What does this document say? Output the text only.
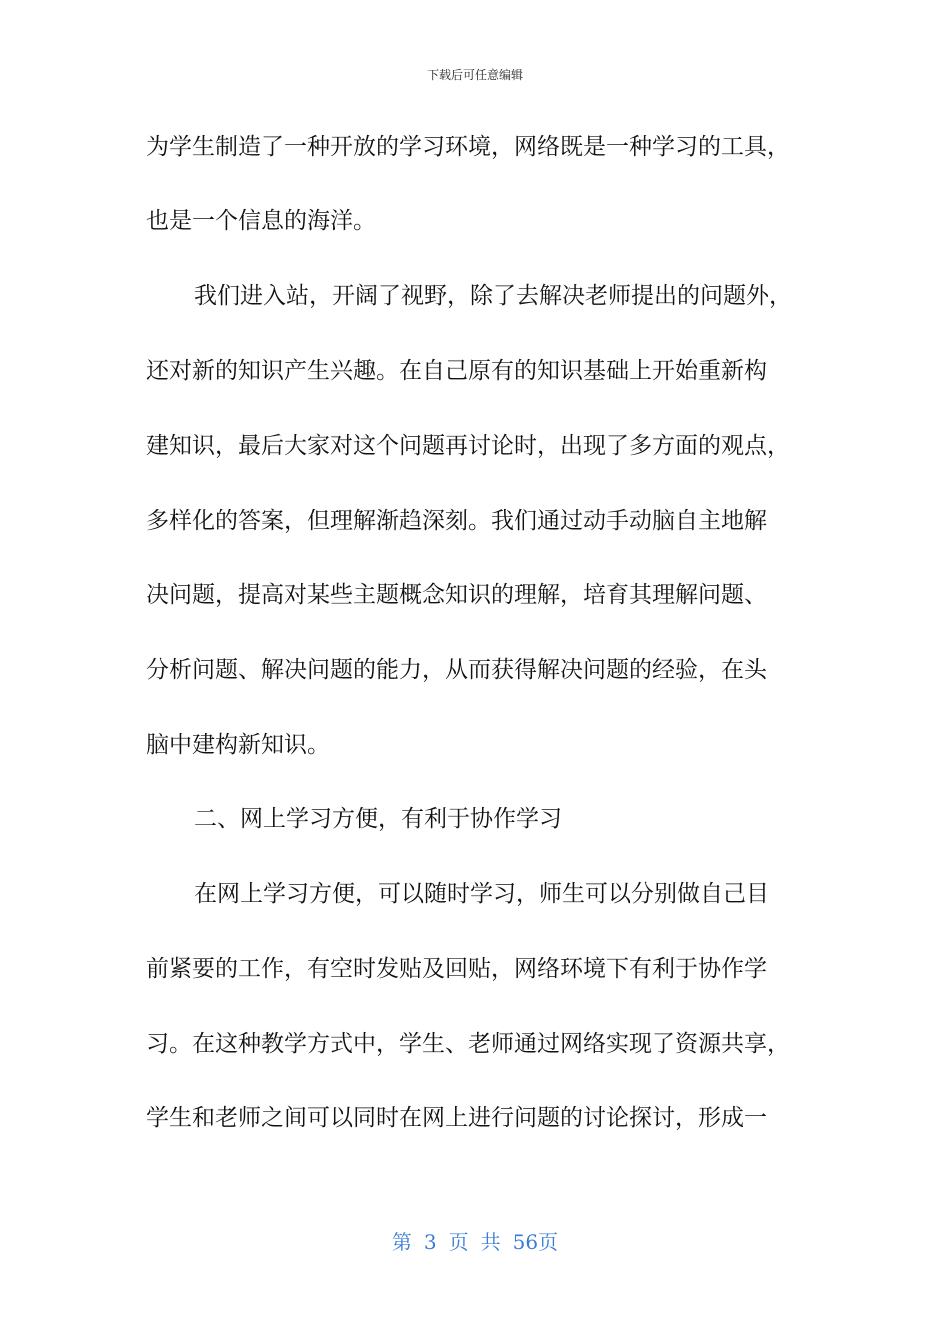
下载后可任意编辑
为学生制造了一种开放的学习环境，网络既是一种学习的工具，
也是一个信息的海洋。
我们进入站，开阔了视野，除了去解决老师提出的问题外，
还对新的知识产生兴趣。在自己原有的知识基础上开始重新构
建知识，最后大家对这个问题再讨论时，出现了多方面的观点，
多样化的答案，但理解渐趋深刻。我们通过动手动脑自主地解
决问题，提高对某些主题概念知识的理解，培育其理解问题、
分析问题、解决问题的能力，从而获得解决问题的经验，在头
脑中建构新知识。
二、网上学习方便，有利于协作学习
在网上学习方便，可以随时学习，师生可以分别做自己目
前紧要的工作，有空时发贴及回贴，网络环境下有利于协作学
习。在这种教学方式中，学生、老师通过网络实现了资源共享，
学生和老师之间可以同时在网上进行问题的讨论探讨，形成一
第 3 页 共 56页
